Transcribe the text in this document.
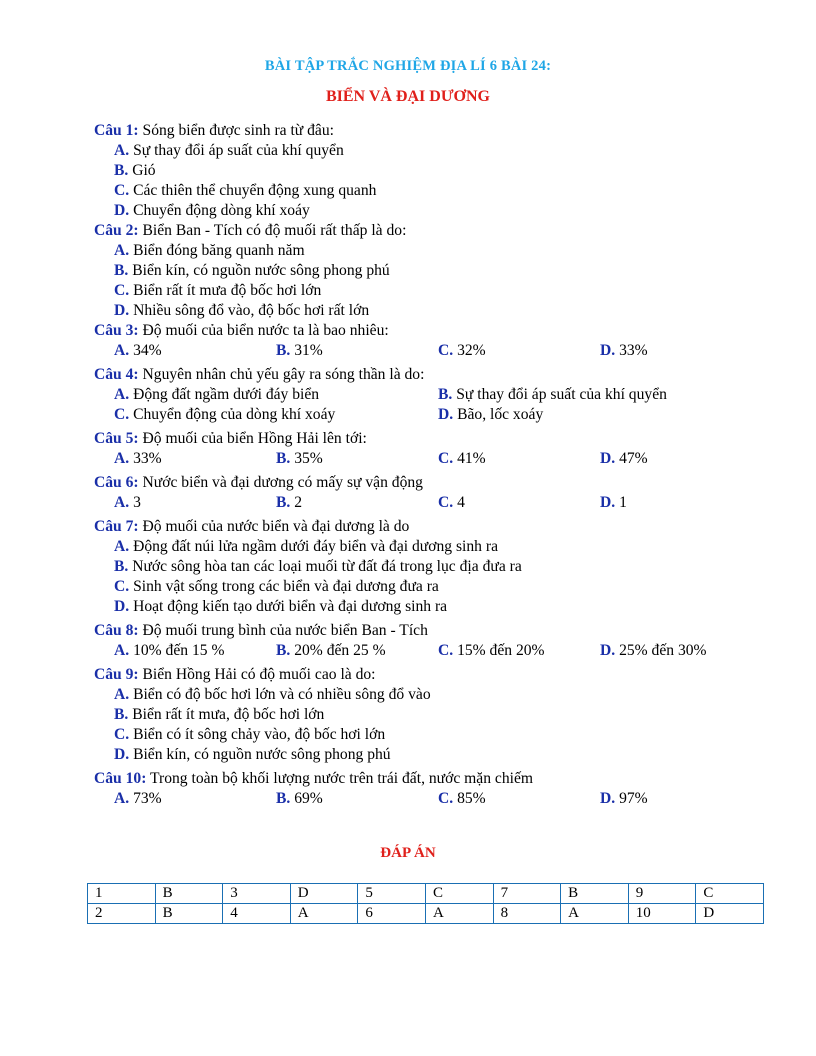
BÀI TẬP TRẮC NGHIỆM ĐỊA LÍ 6 BÀI 24:
BIỂN VÀ ĐẠI DƯƠNG
Câu 1: Sóng biển được sinh ra từ đâu:
A. Sự thay đổi áp suất của khí quyển
B. Gió
C. Các thiên thể chuyển động xung quanh
D. Chuyển động dòng khí xoáy
Câu 2: Biển Ban - Tích có độ muối rất thấp là do:
A. Biển đóng băng quanh năm
B. Biển kín, có nguồn nước sông phong phú
C. Biển rất ít mưa độ bốc hơi lớn
D. Nhiều sông đổ vào, độ bốc hơi rất lớn
Câu 3: Độ muối của biển nước ta là bao nhiêu:
A. 34%	B. 31%	C. 32%	D. 33%
Câu 4: Nguyên nhân chủ yếu gây ra sóng thần là do:
A. Động đất ngầm dưới đáy biển	B. Sự thay đổi áp suất của khí quyển
C. Chuyển động của dòng khí xoáy	D. Bão, lốc xoáy
Câu 5: Độ muối của biển Hồng Hải lên tới:
A. 33%	B. 35%	C. 41%	D. 47%
Câu 6: Nước biển và đại dương có mấy sự vận động
A. 3	B. 2	C. 4	D. 1
Câu 7: Độ muối của nước biển và đại dương là do
A. Động đất núi lửa ngầm dưới đáy biển và đại dương sinh ra
B. Nước sông hòa tan các loại muối từ đất đá trong lục địa đưa ra
C. Sinh vật sống trong các biển và đại dương đưa ra
D. Hoạt động kiến tạo dưới biển và đại dương sinh ra
Câu 8: Độ muối trung bình của nước biển Ban - Tích
A. 10% đến 15 %	B. 20% đến 25 %	C. 15% đến 20%	D. 25% đến 30%
Câu 9: Biển Hồng Hải có độ muối cao là do:
A. Biển có độ bốc hơi lớn và có nhiều sông đổ vào
B. Biển rất ít mưa, độ bốc hơi lớn
C. Biển có ít sông chảy vào, độ bốc hơi lớn
D. Biển kín, có nguồn nước sông phong phú
Câu 10: Trong toàn bộ khối lượng nước trên trái đất, nước mặn chiếm
A. 73%	B. 69%	C. 85%	D. 97%
ĐÁP ÁN
1	B	3	D	5	C	7	B	9	C
2	B	4	A	6	A	8	A	10	D
